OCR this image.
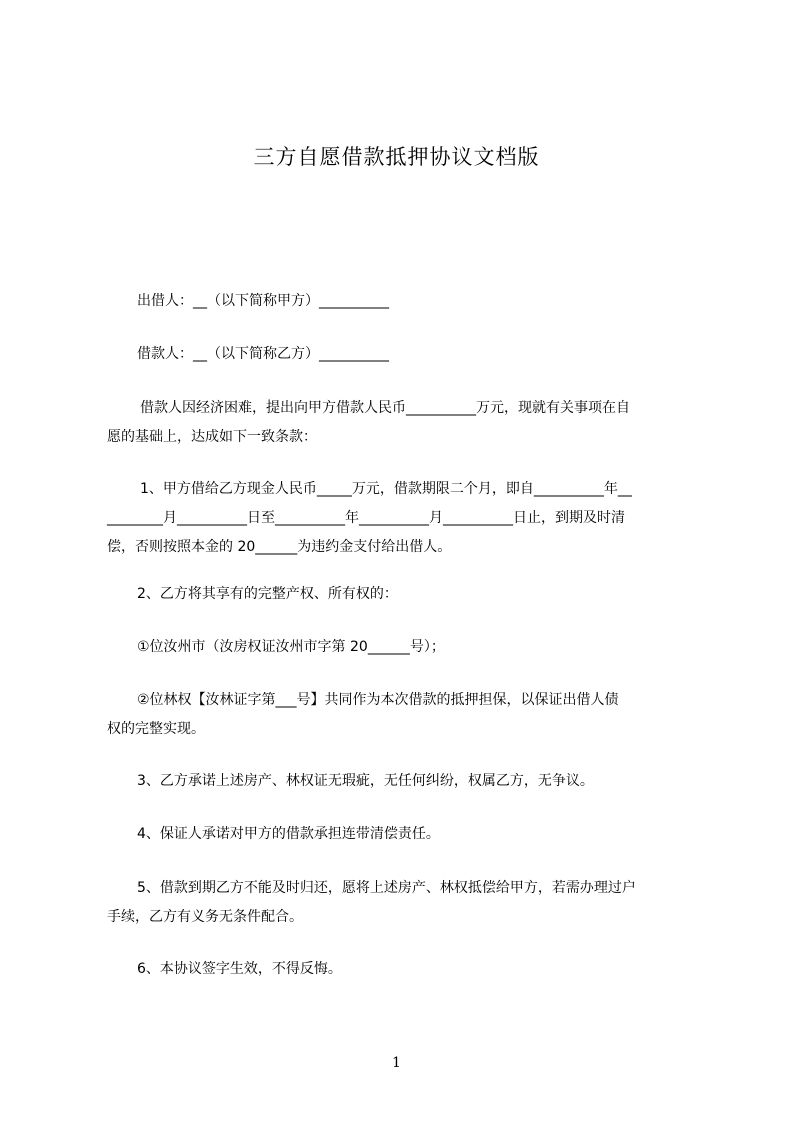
三方自愿借款抵押协议文档版
出借人：__（以下简称甲方）__________
借款人：__（以下简称乙方）__________
借款人因经济困难，提出向甲方借款人民币__________万元，现就有关事项在自
愿的基础上，达成如下一致条款：
1、甲方借给乙方现金人民币_____万元，借款期限二个月，即自__________年__
________月__________日至__________年__________月__________日止，到期及时清
偿，否则按照本金的 20______为违约金支付给出借人。
2、乙方将其享有的完整产权、所有权的：
①位汝州市（汝房权证汝州市字第 20______号）；
②位林权【汝林证字第___号】共同作为本次借款的抵押担保，以保证出借人债
权的完整实现。
3、乙方承诺上述房产、林权证无瑕疵，无任何纠纷，权属乙方，无争议。
4、保证人承诺对甲方的借款承担连带清偿责任。
5、借款到期乙方不能及时归还，愿将上述房产、林权抵偿给甲方，若需办理过户
手续，乙方有义务无条件配合。
6、本协议签字生效，不得反悔。
1
